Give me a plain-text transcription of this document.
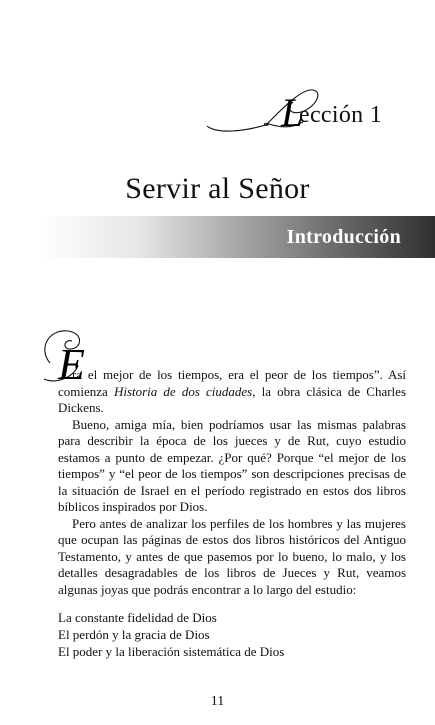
L
ección 1
Servir al Señor
Introducción
E

ra el mejor de los tiempos, era el peor de los tiempos”. Así comienza Historia de dos ciudades, la obra clásica de Charles Dickens.

Bueno, amiga mía, bien podríamos usar las mismas palabras para describir la época de los jueces y de Rut, cuyo estudio estamos a punto de empezar. ¿Por qué? Porque “el mejor de los tiempos” y “el peor de los tiempos” son descripciones precisas de la situación de Israel en el período registrado en estos dos libros bíblicos inspirados por Dios.

Pero antes de analizar los perfiles de los hombres y las mujeres que ocupan las páginas de estos dos libros históricos del Antiguo Testamento, y antes de que pasemos por lo bueno, lo malo, y los detalles desagradables de los libros de Jueces y Rut, veamos algunas joyas que podrás encontrar a lo largo del estudio:

La constante fidelidad de Dios
El perdón y la gracia de Dios
El poder y la liberación sistemática de Dios
11
